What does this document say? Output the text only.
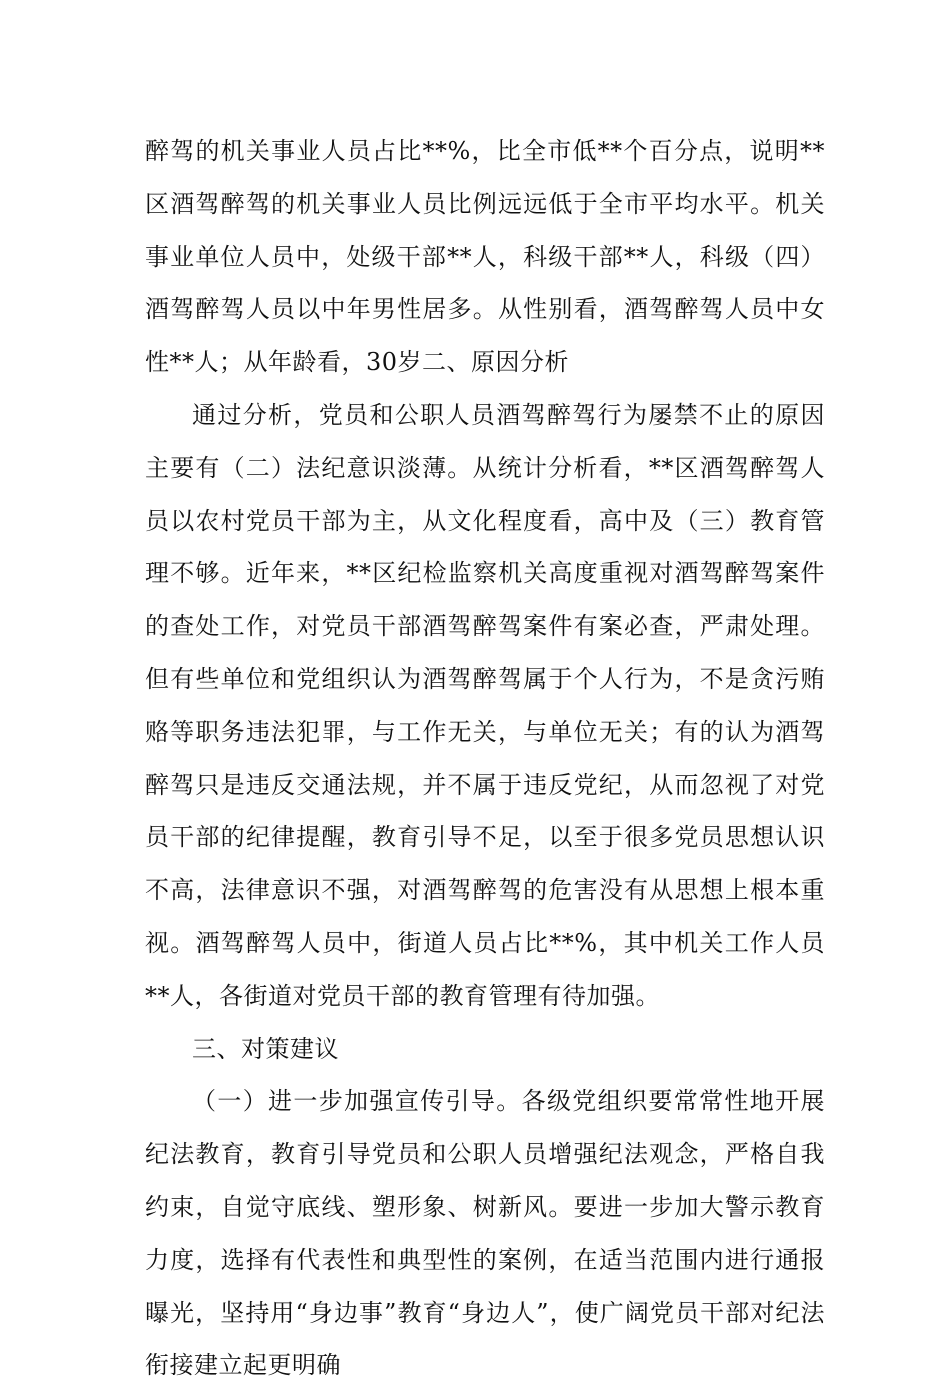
醉驾的机关事业人员占比**%，比全市低**个百分点，说明**区酒驾醉驾的机关事业人员比例远远低于全市平均水平。机关事业单位人员中，处级干部**人，科级干部**人，科级（四）酒驾醉驾人员以中年男性居多。从性别看，酒驾醉驾人员中女性**人；从年龄看，30岁二、原因分析

通过分析，党员和公职人员酒驾醉驾行为屡禁不止的原因主要有（二）法纪意识淡薄。从统计分析看，**区酒驾醉驾人员以农村党员干部为主，从文化程度看，高中及（三）教育管理不够。近年来，**区纪检监察机关高度重视对酒驾醉驾案件的查处工作，对党员干部酒驾醉驾案件有案必查，严肃处理。但有些单位和党组织认为酒驾醉驾属于个人行为，不是贪污贿赂等职务违法犯罪，与工作无关，与单位无关；有的认为酒驾醉驾只是违反交通法规，并不属于违反党纪，从而忽视了对党员干部的纪律提醒，教育引导不足，以至于很多党员思想认识不高，法律意识不强，对酒驾醉驾的危害没有从思想上根本重视。酒驾醉驾人员中，街道人员占比**%，其中机关工作人员**人，各街道对党员干部的教育管理有待加强。

三、对策建议

（一）进一步加强宣传引导。各级党组织要常常性地开展纪法教育，教育引导党员和公职人员增强纪法观念，严格自我约束，自觉守底线、塑形象、树新风。要进一步加大警示教育力度，选择有代表性和典型性的案例，在适当范围内进行通报曝光，坚持用“身边事”教育“身边人”，使广阔党员干部对纪法衔接建立起更明确
